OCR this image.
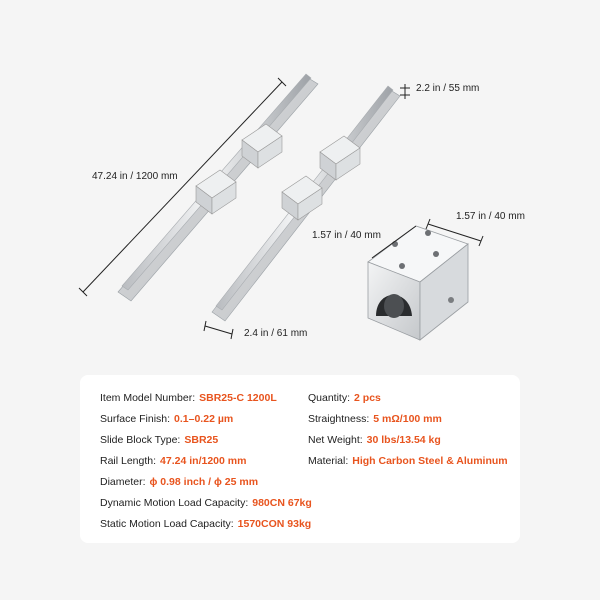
47.24 in / 1200 mm
2.2 in / 55 mm
2.4 in / 61 mm
1.57 in / 40 mm
1.57 in / 40 mm
Item Model Number: SBR25-C 1200L
Surface Finish: 0.1–0.22 µm
Slide Block Type: SBR25
Rail Length: 47.24 in/1200 mm
Diameter: ϕ 0.98 inch / ϕ 25 mm
Dynamic Motion Load Capacity: 980CN 67kg
Static Motion Load Capacity: 1570CON 93kg
Quantity: 2 pcs
Straightness: 5 mΩ/100 mm
Net Weight: 30 lbs/13.54 kg
Material: High Carbon Steel & Aluminum
